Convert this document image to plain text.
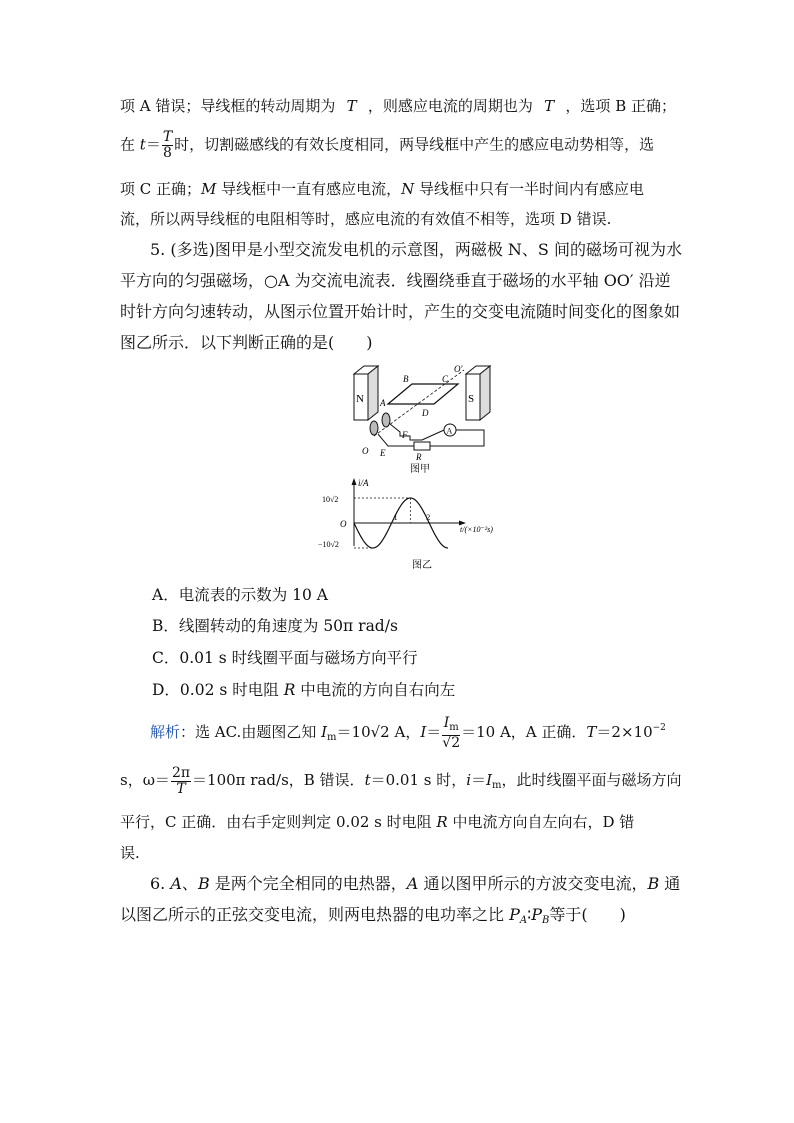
项 A 错误；导线框的转动周期为 T ，则感应电流的周期也为 T ，选项 B 正确；
在 $t= \frac{T}{8}$ 时，切割磁感线的有效长度相同，两导线框中产生的感应电动势相等，选
项 C 正确；M 导线框中一直有感应电流，N 导线框中只有一半时间内有感应电
流，所以两导线框的电阻相等时，感应电流的有效值不相等，选项 D 错误.
5. (多选)图甲是小型交流发电机的示意图，两磁极 N、S 间的磁场可视为水
平方向的匀强磁场，○A 为交流电流表．线圈绕垂直于磁场的水平轴 OO′ 沿逆
时针方向匀速转动，从图示位置开始计时，产生的交变电流随时间变化的图象如
图乙所示．以下判断正确的是(　　)
N	S
B	C
O′
A
D
A
R
F
E
O
图甲
i/A
t/(×10⁻²s)
O
10√2
−10√2
1	2
图乙
A．电流表的示数为 10 A
B．线圈转动的角速度为 50π rad/s
C．0.01 s 时线圈平面与磁场方向平行
D．0.02 s 时电阻 R 中电流的方向自右向左
解析：选 AC.由题图乙知 $I_m=10√2$ A，$I= \frac{I_m}{√2} =10$ A，A 正确．$T=2\times 10^{-2}$
s，$\omega= \frac{2\pi}{T} =100\pi$ rad/s，B 错误．t＝0.01 s 时，$i=I_m$，此时线圈平面与磁场方向
平行，C 正确．由右手定则判定 0.02 s 时电阻 R 中电流方向自左向右，D 错
误.
6. A、B 是两个完全相同的电热器，A 通以图甲所示的方波交变电流，B 通
以图乙所示的正弦交变电流，则两电热器的电功率之比 $P_A∶P_B$等于(　　)
